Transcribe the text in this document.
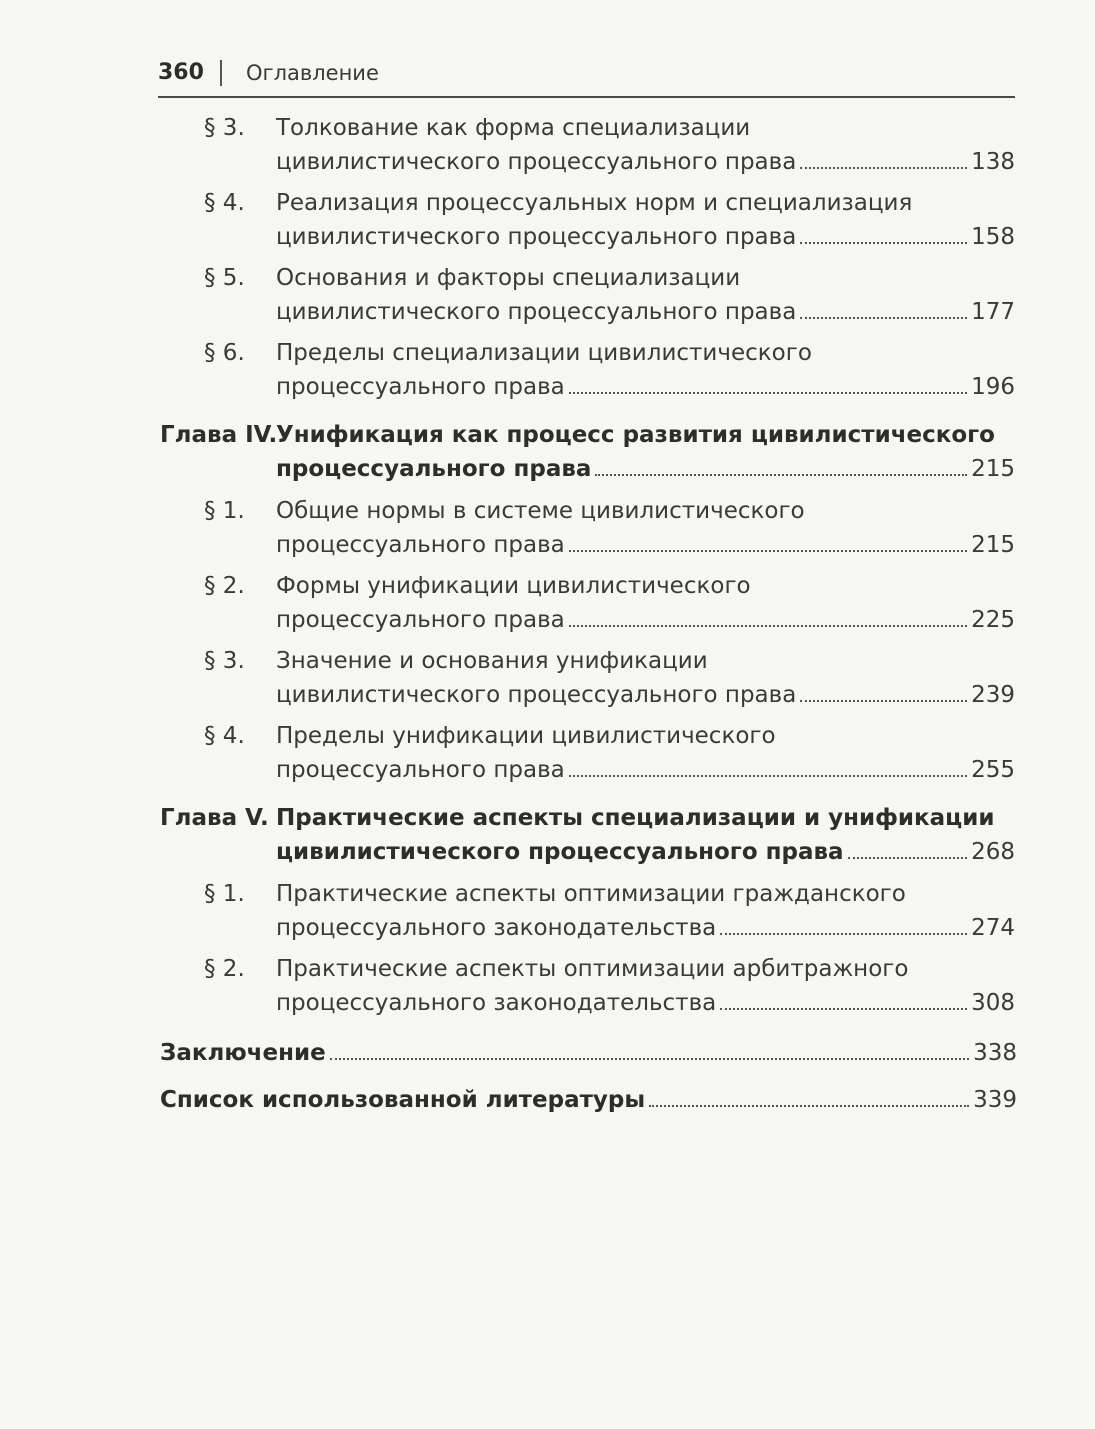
360 Оглавление
§ 3. Толкование как форма специализации
цивилистического процессуального права	138
§ 4. Реализация процессуальных норм и специализация
цивилистического процессуального права	158
§ 5. Основания и факторы специализации
цивилистического процессуального права	177
§ 6. Пределы специализации цивилистического
процессуального права	196
Глава IV.
Унификация как процесс развития цивилистического
процессуального права	215
§ 1. Общие нормы в системе цивилистического
процессуального права	215
§ 2. Формы унификации цивилистического
процессуального права	225
§ 3. Значение и основания унификации
цивилистического процессуального права	239
§ 4. Пределы унификации цивилистического
процессуального права	255
Глава V. Практические аспекты специализации и унификации
цивилистического процессуального права	268
§ 1. Практические аспекты оптимизации гражданского
процессуального законодательства	274
§ 2. Практические аспекты оптимизации арбитражного
процессуального законодательства	308
Заключение	338
Список использованной литературы	339
